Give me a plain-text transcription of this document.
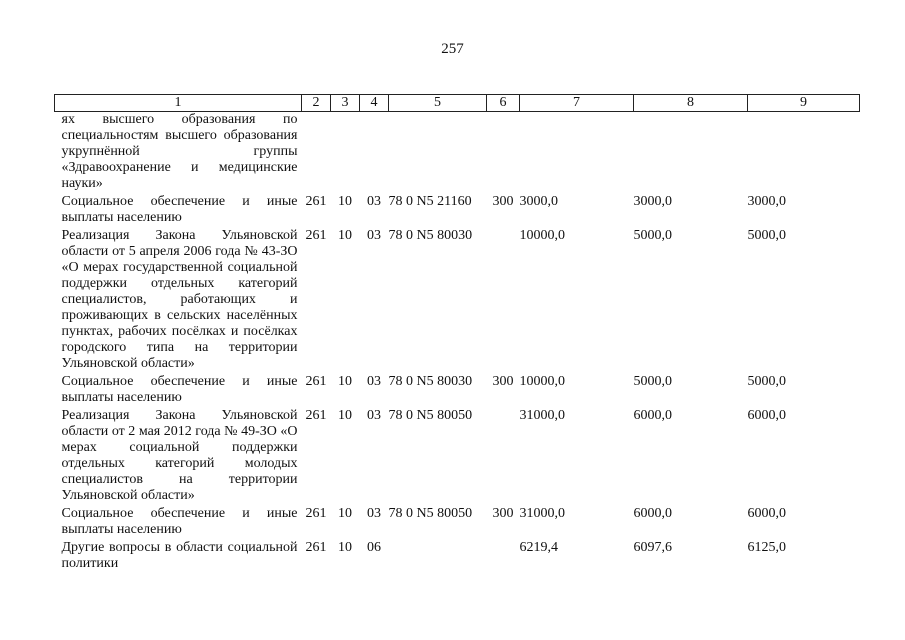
257
1	2	3	4	5	6	7	8	9
ях высшего образования по специальностям высшего образования укрупнённой группы «Здравоохранение и медицинские науки»								
Социальное обеспечение и иные выплаты населению	261	10	03	78 0 N5 21160	300	3000,0	3000,0	3000,0
Реализация Закона Ульяновской области от 5 апреля 2006 года № 43-ЗО «О мерах государственной социальной поддержки отдельных категорий специалистов, работающих и проживающих в сельских населённых пунктах, рабочих посёлках и посёлках городского типа на территории Ульяновской области»	261	10	03	78 0 N5 80030		10000,0	5000,0	5000,0
Социальное обеспечение и иные выплаты населению	261	10	03	78 0 N5 80030	300	10000,0	5000,0	5000,0
Реализация Закона Ульяновской области от 2 мая 2012 года № 49-ЗО «О мерах социальной поддержки отдельных категорий молодых специалистов на территории Ульяновской области»	261	10	03	78 0 N5 80050		31000,0	6000,0	6000,0
Социальное обеспечение и иные выплаты населению	261	10	03	78 0 N5 80050	300	31000,0	6000,0	6000,0
Другие вопросы в области социальной политики	261	10	06			6219,4	6097,6	6125,0
